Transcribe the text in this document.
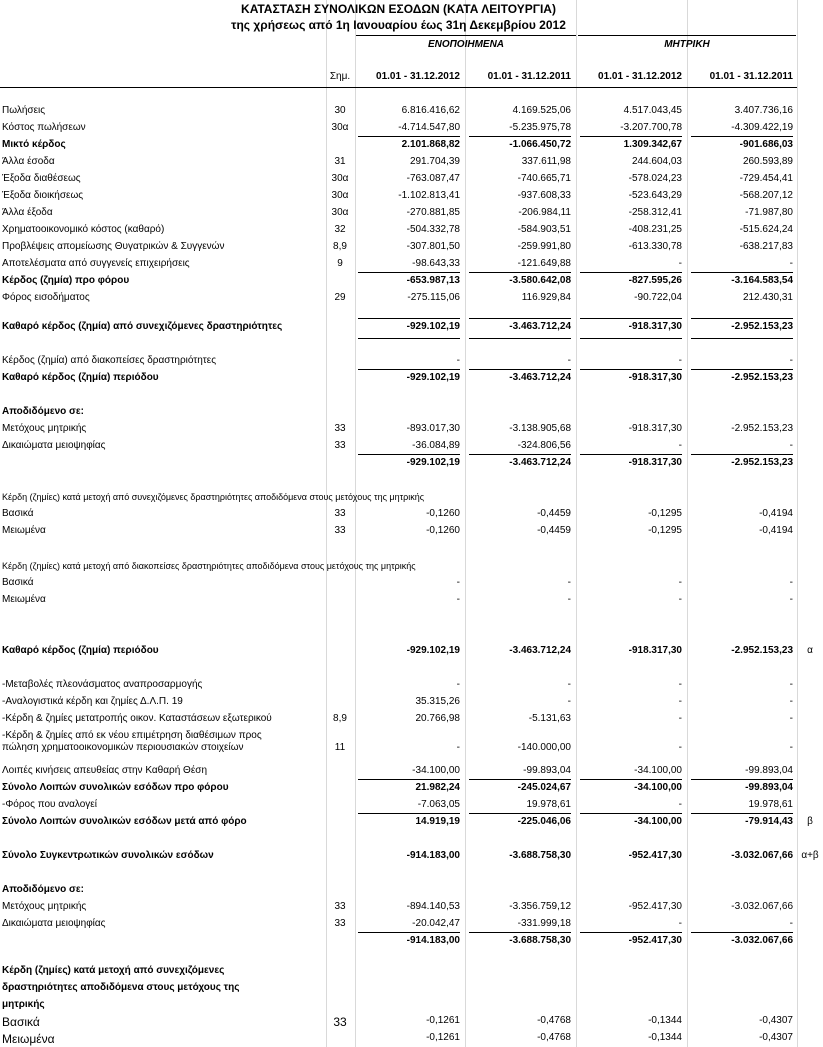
ΚΑΤΑΣΤΑΣΗ ΣΥΝΟΛΙΚΩΝ ΕΣΟΔΩΝ (ΚΑΤΑ ΛΕΙΤΟΥΡΓΙΑ)
της χρήσεως από 1η Ιανουαρίου έως 31η Δεκεμβρίου 2012
ΕΝΟΠΟΙΗΜΕΝΑ	ΜΗΤΡΙΚΗ
Σημ.	01.01 - 31.12.2012	01.01 - 31.12.2011	01.01 - 31.12.2012	01.01 - 31.12.2011
Πωλήσεις	30	6.816.416,62	4.169.525,06	4.517.043,45	3.407.736,16
Κόστος πωλήσεων	30α	-4.714.547,80	-5.235.975,78	-3.207.700,78	-4.309.422,19
Μικτό κέρδος	2.101.868,82	-1.066.450,72	1.309.342,67	-901.686,03
Άλλα έσοδα	31	291.704,39	337.611,98	244.604,03	260.593,89
Έξοδα διαθέσεως	30α	-763.087,47	-740.665,71	-578.024,23	-729.454,41
Έξοδα διοικήσεως	30α	-1.102.813,41	-937.608,33	-523.643,29	-568.207,12
Άλλα έξοδα	30α	-270.881,85	-206.984,11	-258.312,41	-71.987,80
Χρηματοοικονομικό κόστος (καθαρό)	32	-504.332,78	-584.903,51	-408.231,25	-515.624,24
Προβλέψεις απομείωσης Θυγατρικών & Συγγενών	8,9	-307.801,50	-259.991,80	-613.330,78	-638.217,83
Αποτελέσματα από συγγενείς επιχειρήσεις	9	-98.643,33	-121.649,88	-	-
Κέρδος (ζημία) προ φόρου	-653.987,13	-3.580.642,08	-827.595,26	-3.164.583,54
Φόρος εισοδήματος	29	-275.115,06	116.929,84	-90.722,04	212.430,31
Καθαρό κέρδος (ζημία) από συνεχιζόμενες δραστηριότητες	-929.102,19	-3.463.712,24	-918.317,30	-2.952.153,23
Κέρδος (ζημία) από διακοπείσες δραστηριότητες	-	-	-	-
Καθαρό κέρδος (ζημία) περιόδου	-929.102,19	-3.463.712,24	-918.317,30	-2.952.153,23
Αποδιδόμενο σε:
Μετόχους μητρικής	33	-893.017,30	-3.138.905,68	-918.317,30	-2.952.153,23
Δικαιώματα μειοψηφίας	33	-36.084,89	-324.806,56	-	-
-929.102,19	-3.463.712,24	-918.317,30	-2.952.153,23
Κέρδη (ζημίες) κατά μετοχή από συνεχιζόμενες δραστηριότητες αποδιδόμενα στους μετόχους της μητρικής
Βασικά	33	-0,1260	-0,4459	-0,1295	-0,4194
Μειωμένα	33	-0,1260	-0,4459	-0,1295	-0,4194
Κέρδη (ζημίες) κατά μετοχή από διακοπείσες δραστηριότητες αποδιδόμενα στους μετόχους της μητρικής
Βασικά	-	-	-	-
Μειωμένα	-	-	-	-
Καθαρό κέρδος (ζημία) περιόδου	-929.102,19	-3.463.712,24	-918.317,30	-2.952.153,23	α
-Μεταβολές πλεονάσματος αναπροσαρμογής	-	-	-	-
-Αναλογιστικά κέρδη και ζημίες Δ.Λ.Π. 19	35.315,26	-	-	-
-Κέρδη & ζημίες μετατροπής οικον. Καταστάσεων εξωτερικού	8,9	20.766,98	-5.131,63	-	-
-Κέρδη & ζημίες από εκ νέου επιμέτρηση διαθέσιμων προς
πώληση χρηματοοικονομικών περιουσιακών στοιχείων	11	-	-140.000,00	-	-
Λοιπές κινήσεις απευθείας στην Καθαρή Θέση	-34.100,00	-99.893,04	-34.100,00	-99.893,04
Σύνολο Λοιπών συνολικών εσόδων προ φόρου	21.982,24	-245.024,67	-34.100,00	-99.893,04
-Φόρος που αναλογεί	-7.063,05	19.978,61	-	19.978,61
Σύνολο Λοιπών συνολικών εσόδων μετά από φόρο	14.919,19	-225.046,06	-34.100,00	-79.914,43	β
Σύνολο Συγκεντρωτικών συνολικών εσόδων	-914.183,00	-3.688.758,30	-952.417,30	-3.032.067,66 α+β
Αποδιδόμενο σε:
Μετόχους μητρικής	33	-894.140,53	-3.356.759,12	-952.417,30	-3.032.067,66
Δικαιώματα μειοψηφίας	33	-20.042,47	-331.999,18	-	-
-914.183,00	-3.688.758,30	-952.417,30	-3.032.067,66
Κέρδη (ζημίες) κατά μετοχή από συνεχιζόμενες
δραστηριότητες αποδιδόμενα στους μετόχους της
μητρικής
Βασικά	33	-0,1261	-0,4768	-0,1344	-0,4307
Μειωμένα	-0,1261	-0,4768	-0,1344	-0,4307
